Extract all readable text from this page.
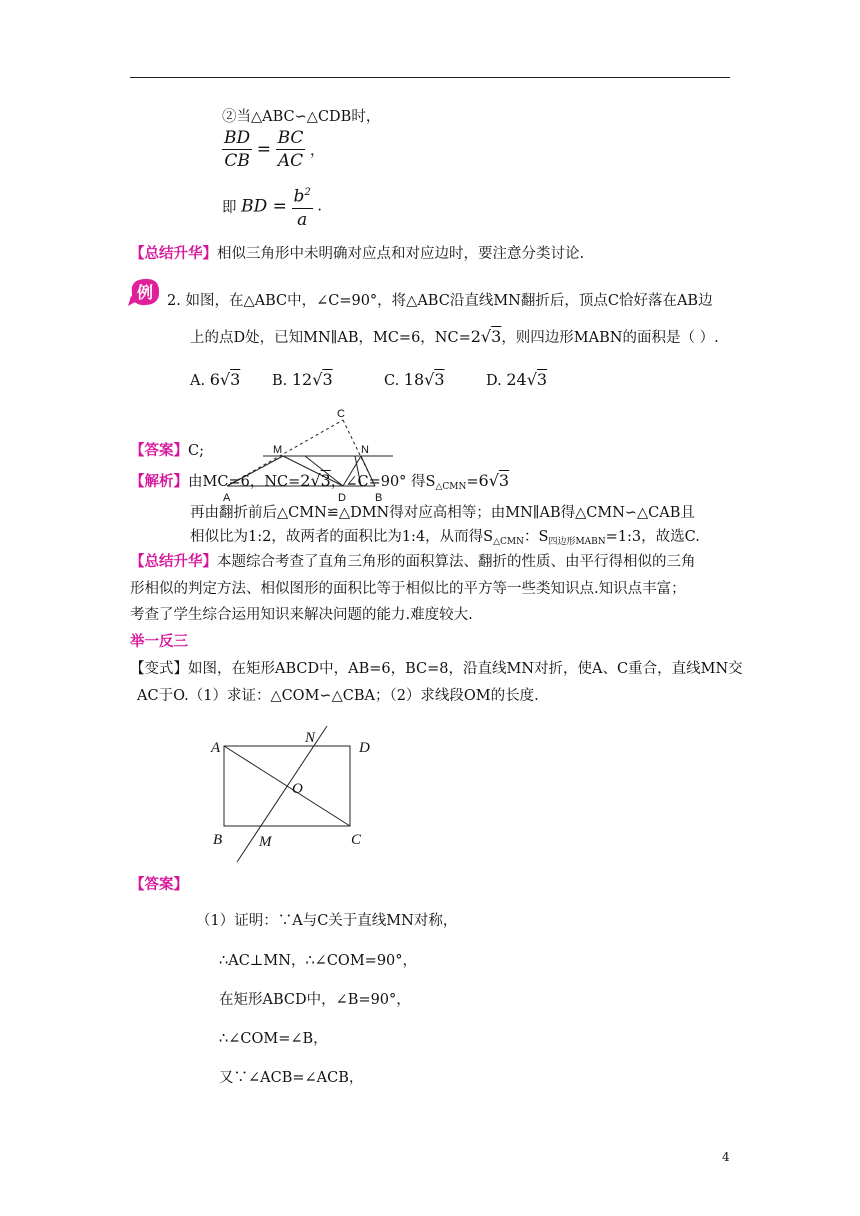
②当△ABC∽△CDB时，
$\frac{BD}{CB} = \frac{BC}{AC}$ ，
即 BD = $\frac{b^2}{a}$ .
【总结升华】相似三角形中未明确对应点和对应边时，要注意分类讨论.
例 2. 如图，在△ABC中，∠C=90°，将△ABC沿直线MN翻折后，顶点C恰好落在AB边
上的点D处，已知MN∥AB，MC=6，NC=2√3，则四边形MABN的面积是（ ）.
A. 6√3 B. 12√3	C. 18√3	D. 24√3
C
M	N
A	D	B
【答案】C;
【解析】由MC=6，NC=2√3，∠C=90° 得$S_{\triangle CMN}=6√3$
再由翻折前后△CMN≌△DMN得对应高相等；由MN∥AB得△CMN∽△CAB且
相似比为1:2，故两者的面积比为1:4，从而得$S_{\triangle CMN}$：$S_{四边形MABN}=1:3$，故选C.
【总结升华】本题综合考查了直角三角形的面积算法、翻折的性质、由平行得相似的三角
形相似的判定方法、相似图形的面积比等于相似比的平方等一些类知识点.知识点丰富；
考查了学生综合运用知识来解决问题的能力.难度较大.
举一反三
【变式】如图，在矩形ABCD中，AB=6，BC=8，沿直线MN对折，使A、C重合，直线MN交
AC于O.（1）求证：△COM∽△CBA；（2）求线段OM的长度.
A
N
D
O
B M	C
【答案】
（1）证明：∵A与C关于直线MN对称，
∴AC⊥MN，∴∠COM=90°，
在矩形ABCD中，∠B=90°，
∴∠COM=∠B，
又∵∠ACB=∠ACB，
4
